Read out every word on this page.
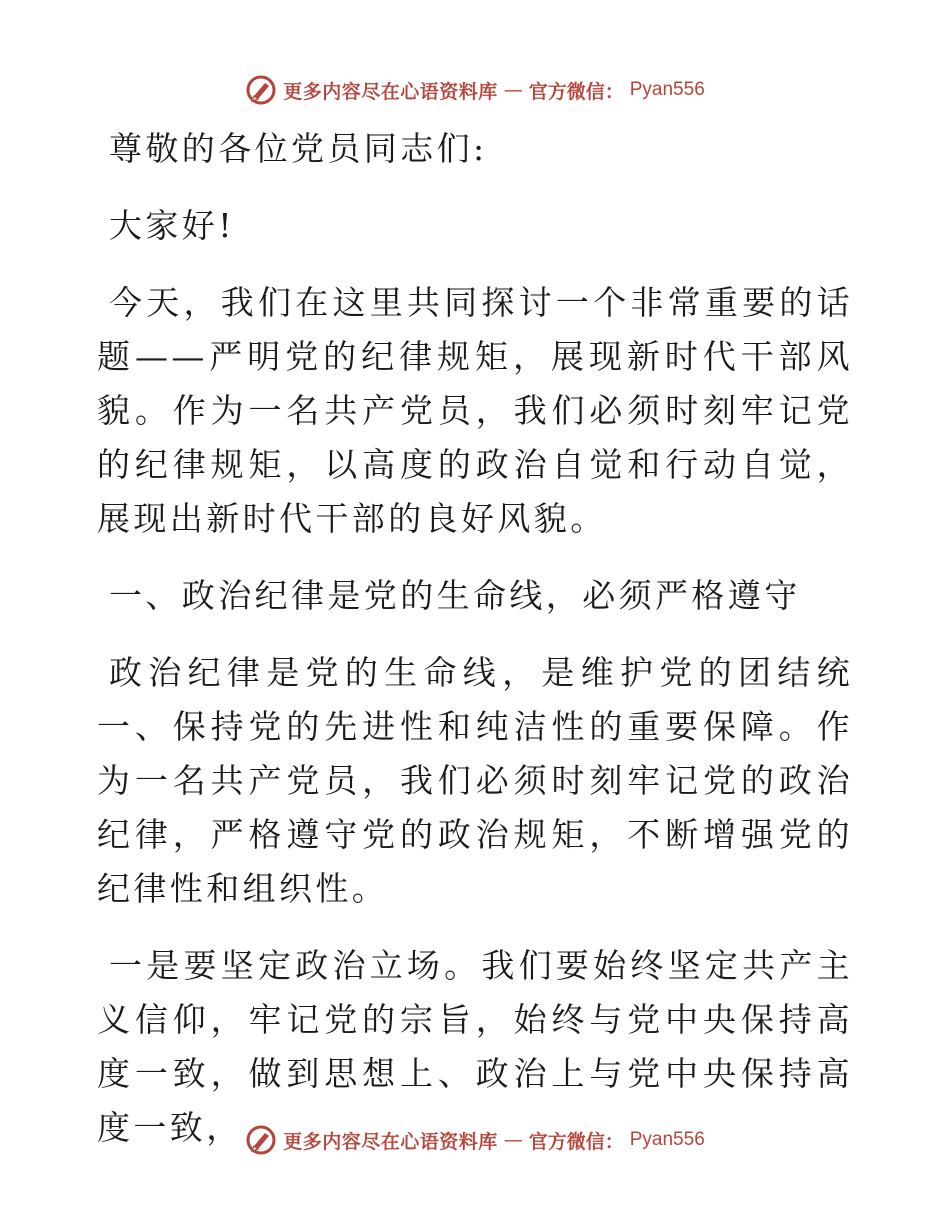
更多内容尽在心语资料库 — 官方微信： Pyan556

尊敬的各位党员同志们:

大家好!

今天，我们在这里共同探讨一个非常重要的话题——严明党的纪律规矩，展现新时代干部风貌。作为一名共产党员，我们必须时刻牢记党的纪律规矩，以高度的政治自觉和行动自觉，展现出新时代干部的良好风貌。

一、政治纪律是党的生命线，必须严格遵守

政治纪律是党的生命线，是维护党的团结统一、保持党的先进性和纯洁性的重要保障。作为一名共产党员，我们必须时刻牢记党的政治纪律，严格遵守党的政治规矩，不断增强党的纪律性和组织性。

一是要坚定政治立场。我们要始终坚定共产主义信仰，牢记党的宗旨，始终与党中央保持高度一致，做到思想上、政治上与党中央保持高度一致，	更多内容尽在心语资料库 — 官方微信： Pyan556
